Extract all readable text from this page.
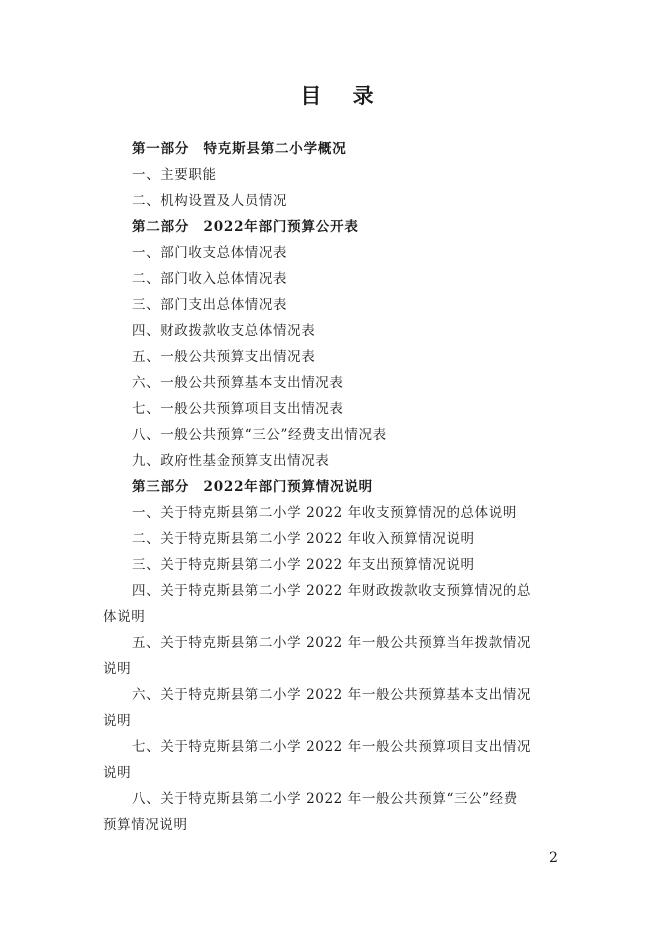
目 录
第一部分　特克斯县第二小学概况
一、主要职能
二、机构设置及人员情况
第二部分　2022年部门预算公开表
一、部门收支总体情况表
二、部门收入总体情况表
三、部门支出总体情况表
四、财政拨款收支总体情况表
五、一般公共预算支出情况表
六、一般公共预算基本支出情况表
七、一般公共预算项目支出情况表
八、一般公共预算“三公”经费支出情况表
九、政府性基金预算支出情况表
第三部分　2022年部门预算情况说明
一、关于特克斯县第二小学 2022 年收支预算情况的总体说明
二、关于特克斯县第二小学 2022 年收入预算情况说明
三、关于特克斯县第二小学 2022 年支出预算情况说明
四、关于特克斯县第二小学 2022 年财政拨款收支预算情况的总
体说明
五、关于特克斯县第二小学 2022 年一般公共预算当年拨款情况
说明
六、关于特克斯县第二小学 2022 年一般公共预算基本支出情况
说明
七、关于特克斯县第二小学 2022 年一般公共预算项目支出情况
说明
八、关于特克斯县第二小学 2022 年一般公共预算“三公”经费
预算情况说明
2
